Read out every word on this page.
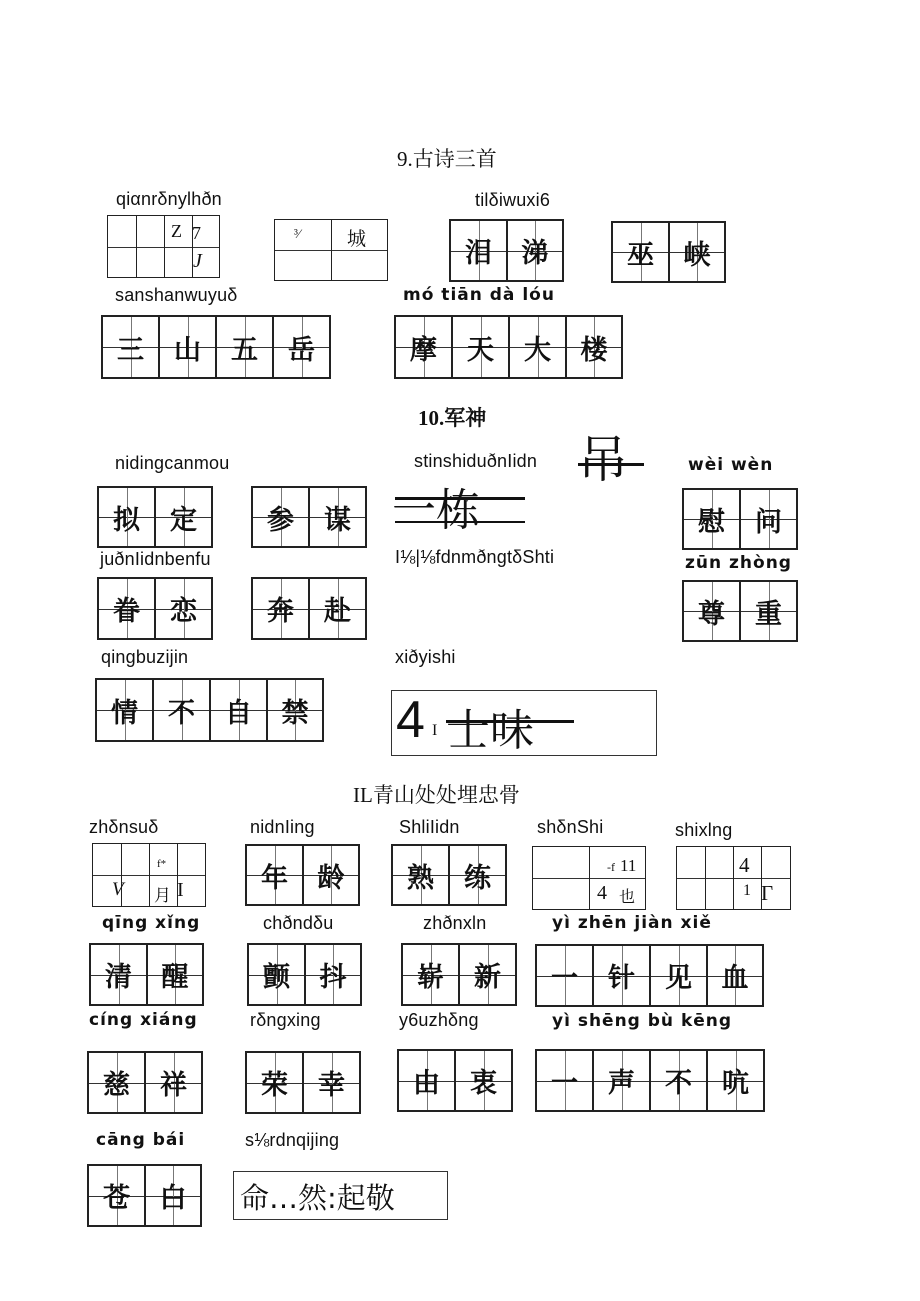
9.古诗三首
10.军神
IL青山处处埋忠骨
qiαnrδnylhðn
Z 7
J
³⁄ 城
tilδiwuxi6
泪 涕	巫 峡
sanshanwuyuδ
三 山 五 岳
mó tiān dà lóu
摩 天 大 楼
nidingcanmou
拟 定	参 谋
stinshiduðnIidn 吊
一栋
wèi wèn
慰 问
juðnIidnbenfu
眷 恋	奔 赴
I⅛|⅛fdnmðngtδShti	zūn zhòng
尊 重
qingbuzijin
情 不 自 禁
xiðyishi
4 I 士味
zhδnsuδ
f*
V 月 I
nidnIing
年 龄
ShliIidn
熟 练
shδnShi
-f 11
4 也
shixlng
4
1 Γ
qīng xǐng
清 醒
chðndδu
颤 抖
zhðnxln
崭 新
yì zhēn jiàn xiě
一 针 见 血
cíng xiáng
慈 祥
rδngxing
荣 幸
y6uzhδng
由 衷
yì shēng bù kēng
一 声 不 吭
cāng bái
苍 白
s⅛rdnqijing
命…然:起敬
